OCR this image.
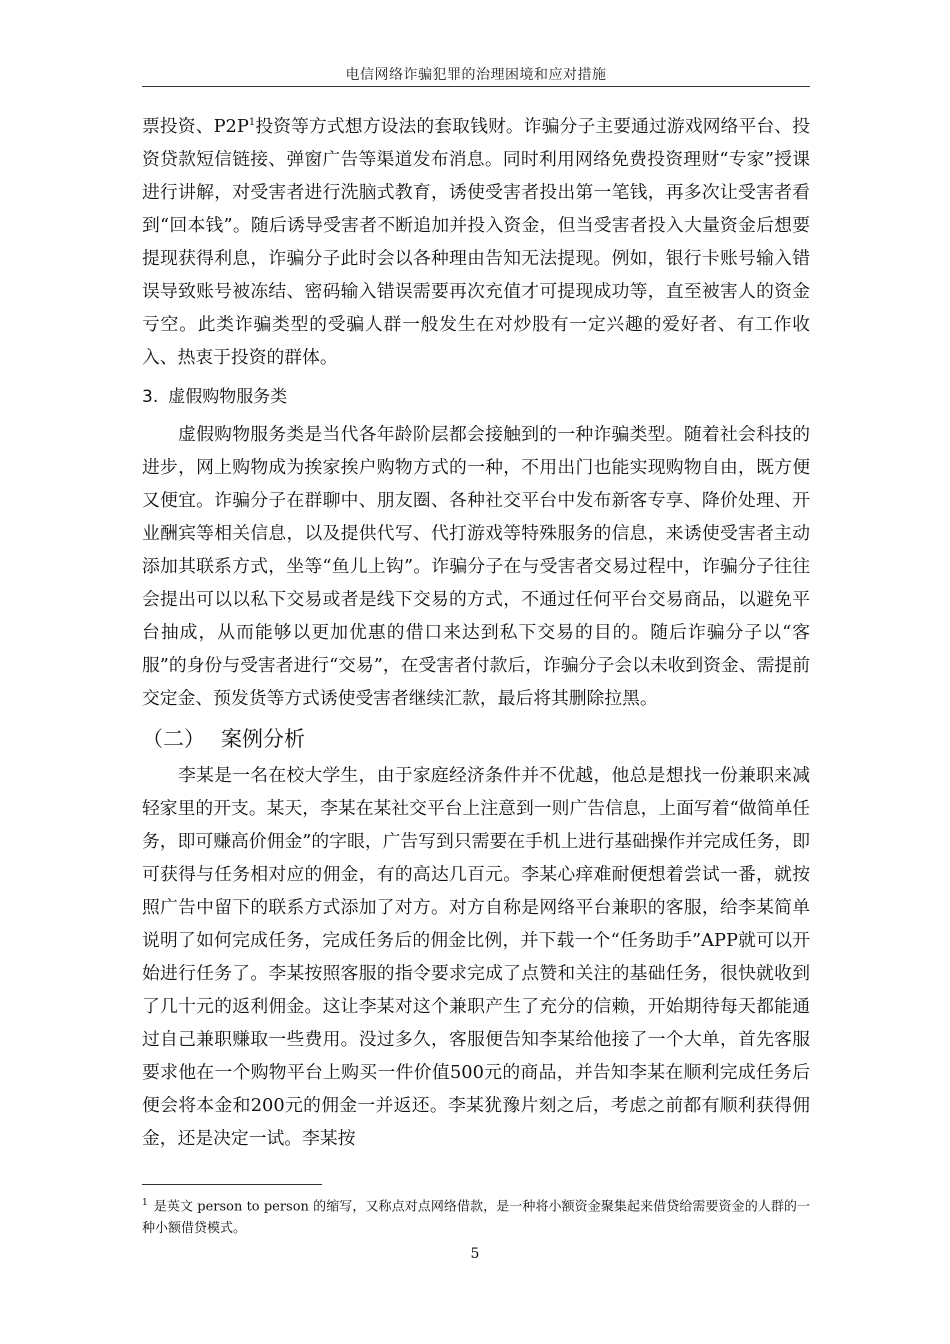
电信网络诈骗犯罪的治理困境和应对措施

票投资、P2P$^1$投资等方式想方设法的套取钱财。诈骗分子主要通过游戏网络平台、投资贷款短信链接、弹窗广告等渠道发布消息。同时利用网络免费投资理财“专家”授课进行讲解，对受害者进行洗脑式教育，诱使受害者投出第一笔钱，再多次让受害者看到“回本钱”。随后诱导受害者不断追加并投入资金，但当受害者投入大量资金后想要提现获得利息，诈骗分子此时会以各种理由告知无法提现。例如，银行卡账号输入错误导致账号被冻结、密码输入错误需要再次充值才可提现成功等，直至被害人的资金亏空。此类诈骗类型的受骗人群一般发生在对炒股有一定兴趣的爱好者、有工作收入、热衷于投资的群体。

3. 虚假购物服务类

虚假购物服务类是当代各年龄阶层都会接触到的一种诈骗类型。随着社会科技的进步，网上购物成为挨家挨户购物方式的一种，不用出门也能实现购物自由，既方便又便宜。诈骗分子在群聊中、朋友圈、各种社交平台中发布新客专享、降价处理、开业酬宾等相关信息，以及提供代写、代打游戏等特殊服务的信息，来诱使受害者主动添加其联系方式，坐等“鱼儿上钩”。诈骗分子在与受害者交易过程中，诈骗分子往往会提出可以以私下交易或者是线下交易的方式，不通过任何平台交易商品，以避免平台抽成，从而能够以更加优惠的借口来达到私下交易的目的。随后诈骗分子以“客服”的身份与受害者进行“交易”，在受害者付款后，诈骗分子会以未收到资金、需提前交定金、预发货等方式诱使受害者继续汇款，最后将其删除拉黑。

（二） 案例分析

李某是一名在校大学生，由于家庭经济条件并不优越，他总是想找一份兼职来减轻家里的开支。某天，李某在某社交平台上注意到一则广告信息，上面写着“做简单任务，即可赚高价佣金”的字眼，广告写到只需要在手机上进行基础操作并完成任务，即可获得与任务相对应的佣金，有的高达几百元。李某心痒难耐便想着尝试一番，就按照广告中留下的联系方式添加了对方。对方自称是网络平台兼职的客服，给李某简单说明了如何完成任务，完成任务后的佣金比例，并下载一个“任务助手”APP就可以开始进行任务了。李某按照客服的指令要求完成了点赞和关注的基础任务，很快就收到了几十元的返利佣金。这让李某对这个兼职产生了充分的信赖，开始期待每天都能通过自己兼职赚取一些费用。没过多久，客服便告知李某给他接了一个大单，首先客服要求他在一个购物平台上购买一件价值500元的商品，并告知李某在顺利完成任务后便会将本金和200元的佣金一并返还。李某犹豫片刻之后，考虑之前都有顺利获得佣金，还是决定一试。李某按

$^1$ 是英文 person to person 的缩写，又称点对点网络借款，是一种将小额资金聚集起来借贷给需要资金的人群的一种小额借贷模式。
5
